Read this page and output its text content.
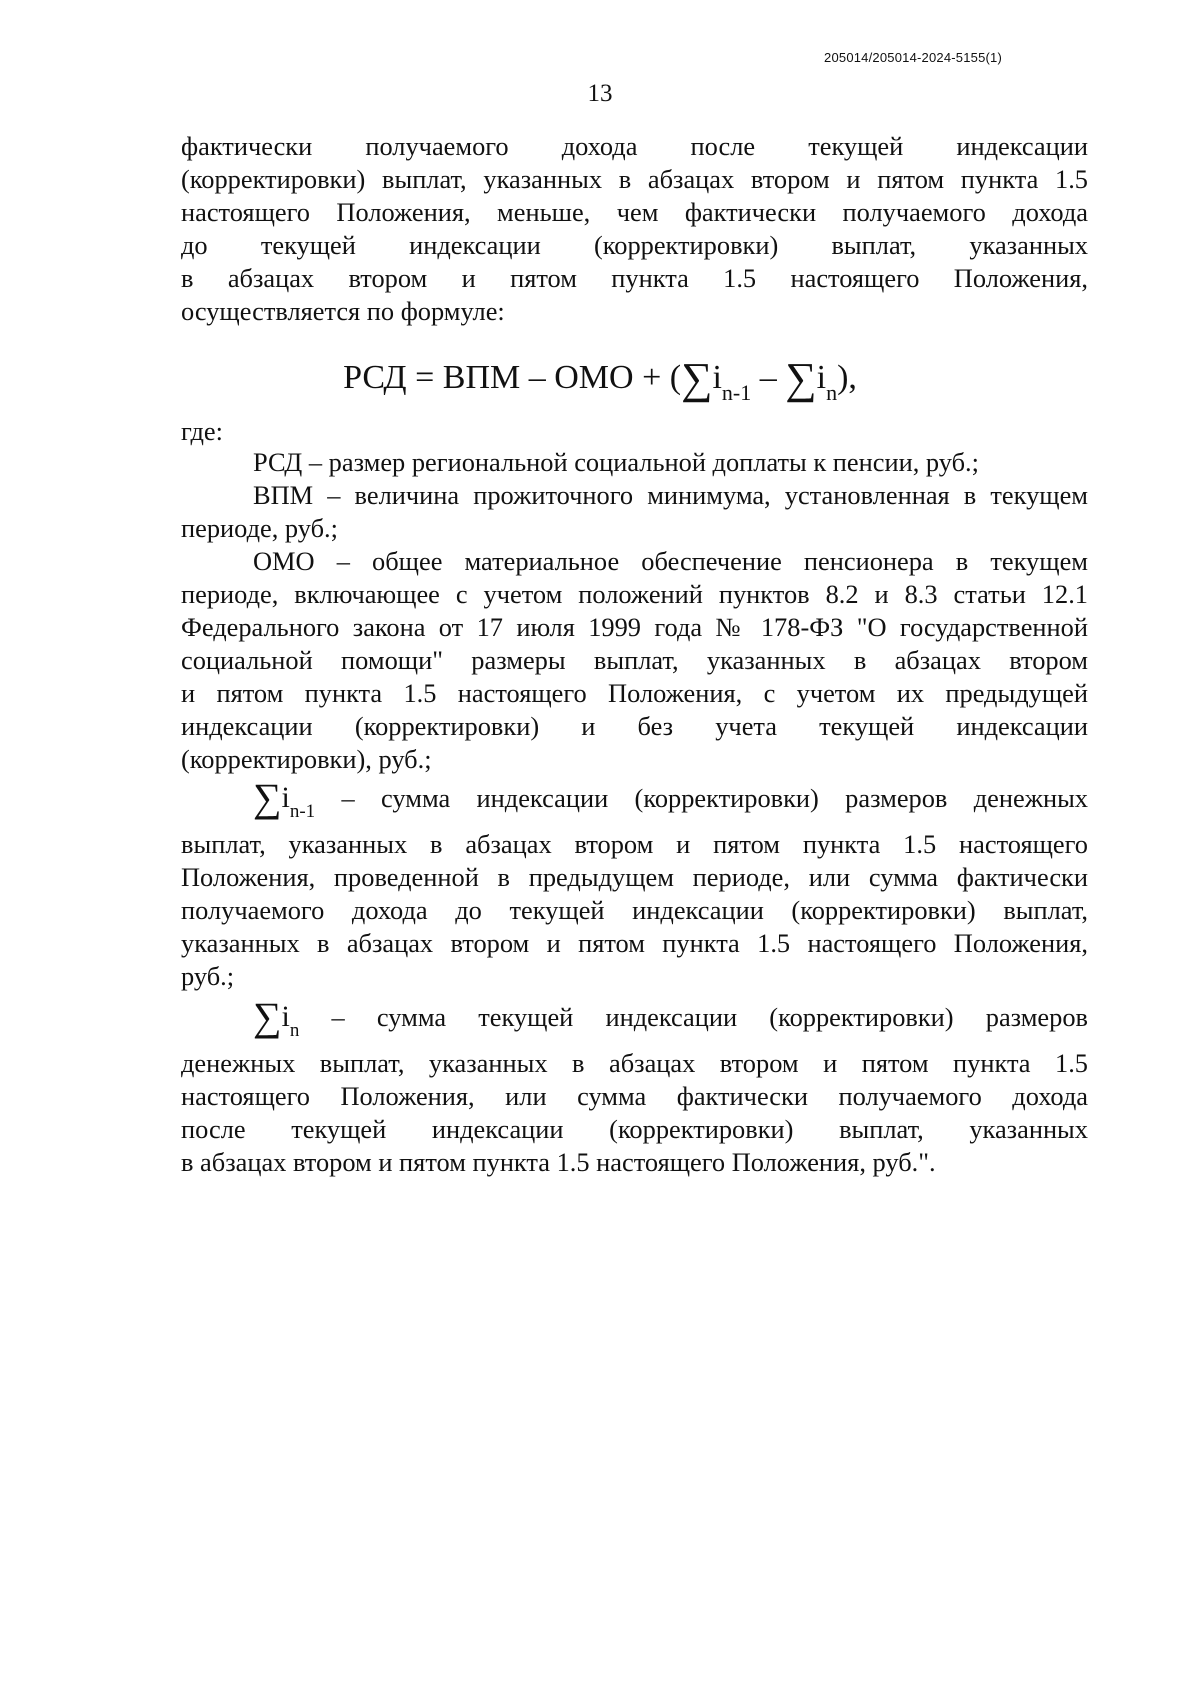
205014/205014-2024-5155(1)
13
фактически получаемого дохода после текущей индексации
(корректировки) выплат, указанных в абзацах втором и пятом пункта 1.5
настоящего Положения, меньше, чем фактически получаемого дохода
до текущей индексации (корректировки) выплат, указанных
в абзацах втором и пятом пункта 1.5 настоящего Положения,
осуществляется по формуле:
РСД = ВПМ – ОМО + $(\sum i_{n-1} - \sum i_n)$,
где:
РСД – размер региональной социальной доплаты к пенсии, руб.;
ВПМ – величина прожиточного минимума, установленная в текущем
периоде, руб.;
ОМО – общее материальное обеспечение пенсионера в текущем
периоде, включающее с учетом положений пунктов 8.2 и 8.3 статьи 12.1
Федерального закона от 17 июля 1999 года № 178-ФЗ "О государственной
социальной помощи" размеры выплат, указанных в абзацах втором
и пятом пункта 1.5 настоящего Положения, с учетом их предыдущей
индексации (корректировки) и без учета текущей индексации
(корректировки), руб.;
$\sum i_{n-1}$ – сумма индексации (корректировки) размеров денежных
выплат, указанных в абзацах втором и пятом пункта 1.5 настоящего
Положения, проведенной в предыдущем периоде, или сумма фактически
получаемого дохода до текущей индексации (корректировки) выплат,
указанных в абзацах втором и пятом пункта 1.5 настоящего Положения,
руб.;
$\sum i_n$ – сумма текущей индексации (корректировки) размеров
денежных выплат, указанных в абзацах втором и пятом пункта 1.5
настоящего Положения, или сумма фактически получаемого дохода
после текущей индексации (корректировки) выплат, указанных
в абзацах втором и пятом пункта 1.5 настоящего Положения, руб.".
